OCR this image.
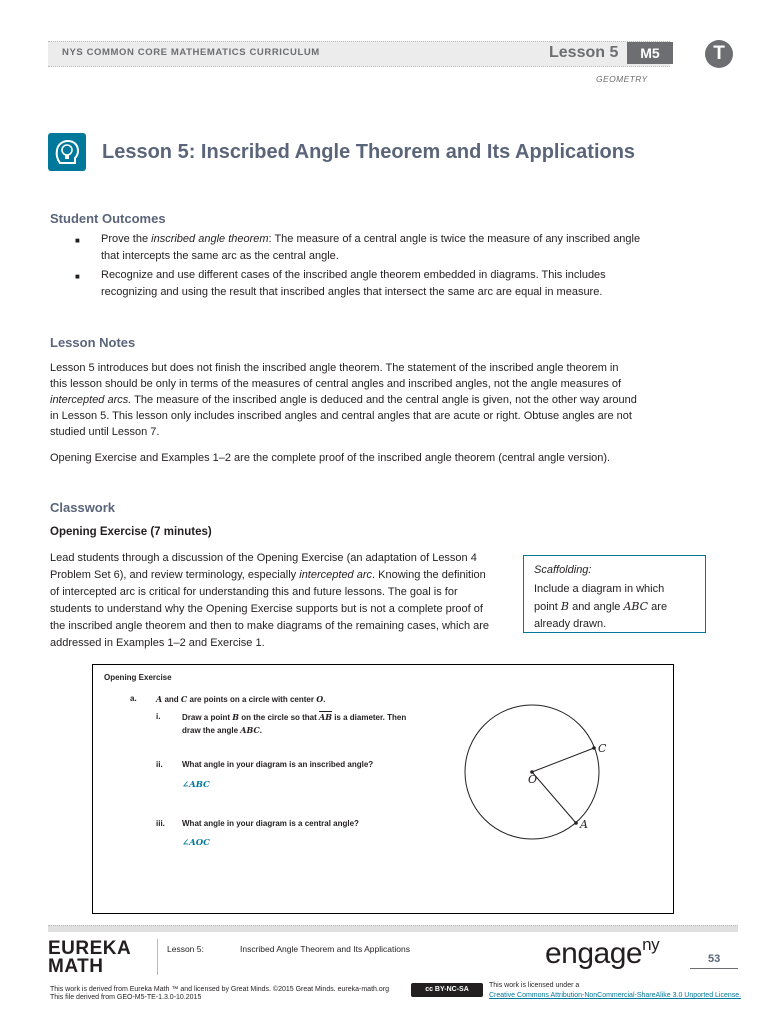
NYS COMMON CORE MATHEMATICS CURRICULUM	Lesson 5	M5	T
GEOMETRY
Lesson 5: Inscribed Angle Theorem and Its Applications
Student Outcomes
■ Prove the inscribed angle theorem: The measure of a central angle is twice the measure of any inscribed angle
that intercepts the same arc as the central angle.
■ Recognize and use different cases of the inscribed angle theorem embedded in diagrams. This includes
recognizing and using the result that inscribed angles that intersect the same arc are equal in measure.
Lesson Notes
Lesson 5 introduces but does not finish the inscribed angle theorem. The statement of the inscribed angle theorem in
this lesson should be only in terms of the measures of central angles and inscribed angles, not the angle measures of
intercepted arcs. The measure of the inscribed angle is deduced and the central angle is given, not the other way around
in Lesson 5. This lesson only includes inscribed angles and central angles that are acute or right. Obtuse angles are not
studied until Lesson 7.
Opening Exercise and Examples 1–2 are the complete proof of the inscribed angle theorem (central angle version).
Classwork
Opening Exercise (7 minutes)
Lead students through a discussion of the Opening Exercise (an adaptation of Lesson 4
Problem Set 6), and review terminology, especially intercepted arc. Knowing the definition
of intercepted arc is critical for understanding this and future lessons. The goal is for
students to understand why the Opening Exercise supports but is not a complete proof of
the inscribed angle theorem and then to make diagrams of the remaining cases, which are
addressed in Examples 1–2 and Exercise 1.
Scaffolding:
Include a diagram in which
point B and angle ABC are
already drawn.
Opening Exercise
a. A and C are points on a circle with center O.
i.	Draw a point B on the circle so that $\overline{AB}$ is a diameter. Then
draw the angle ABC.
ii. What angle in your diagram is an inscribed angle?
∠ABC
iii. What angle in your diagram is a central angle?
∠AOC
C
O
A
EUREKA
MATH
Lesson 5:	Inscribed Angle Theorem and Its Applications	engage$^{ny}$
53
This work is derived from Eureka Math ™ and licensed by Great Minds. ©2015 Great Minds. eureka-math.org
This file derived from GEO-M5-TE-1.3.0-10.2015
cc BY-NC-SA
This work is licensed under a
Creative Commons Attribution-NonCommercial-ShareAlike 3.0 Unported License.
